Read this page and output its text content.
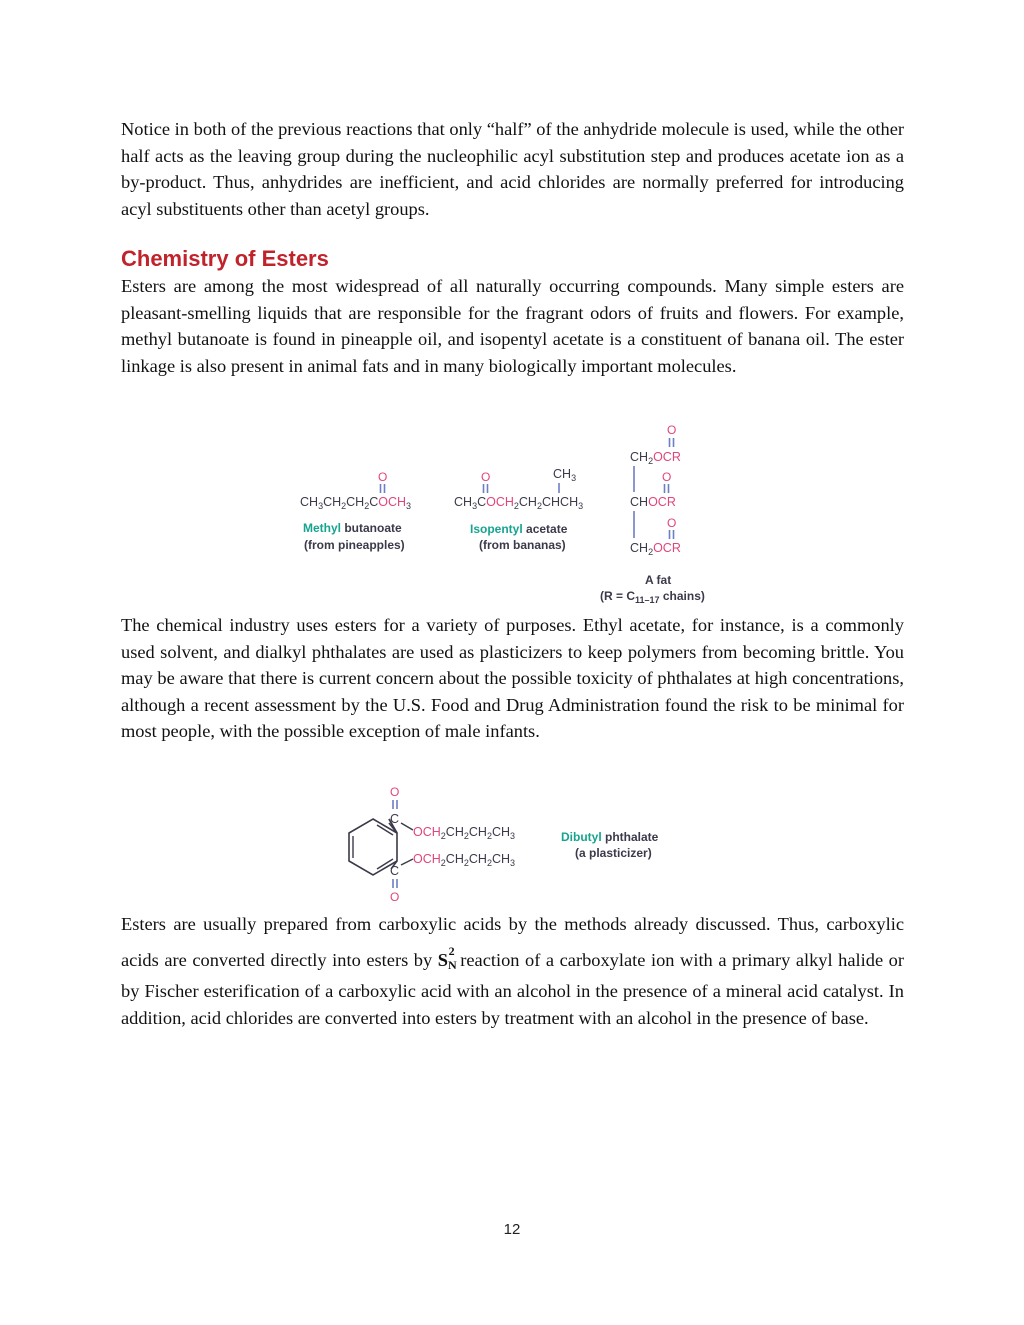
Notice in both of the previous reactions that only “half” of the anhydride molecule is used, while the other half acts as the leaving group during the nucleophilic acyl substitution step and produces acetate ion as a by-product. Thus, anhydrides are inefficient, and acid chlorides are normally preferred for introducing acyl substituents other than acetyl groups.

Chemistry of Esters

Esters are among the most widespread of all naturally occurring compounds. Many simple esters are pleasant-smelling liquids that are responsible for the fragrant odors of fruits and flowers. For example, methyl butanoate is found in pineapple oil, and isopentyl acetate is a constituent of banana oil. The ester linkage is also present in animal fats and in many biologically important molecules.

O
$CH_3CH_2CH_2COCH_3$
Methyl butanoate
(from pineapples)
O	$CH_3$
$CH_3COCH_2CH_2CHCH_3$
Isopentyl acetate
(from bananas)
O
$CH_2OCR$
O
CHOCR
O
$CH_2OCR$
A fat
($R = C_{11-17}$ chains)

The chemical industry uses esters for a variety of purposes. Ethyl acetate, for instance, is a commonly used solvent, and dialkyl phthalates are used as plasticizers to keep polymers from becoming brittle. You may be aware that there is current concern about the possible toxicity of phthalates at high concentrations, although a recent assessment by the U.S. Food and Drug Administration found the risk to be minimal for most people, with the possible exception of male infants.

O
C
$OCH_2CH_2CH_2CH_3$
C
$OCH_2CH_2CH_2CH_3$
O
Dibutyl phthalate
(a plasticizer)

Esters are usually prepared from carboxylic acids by the methods already discussed. Thus, carboxylic acids are converted directly into esters by $SN^2$ reaction of a carboxylate ion with a primary alkyl halide or by Fischer esterification of a carboxylic acid with an alcohol in the presence of a mineral acid catalyst. In addition, acid chlorides are converted into esters by treatment with an alcohol in the presence of base.

12
